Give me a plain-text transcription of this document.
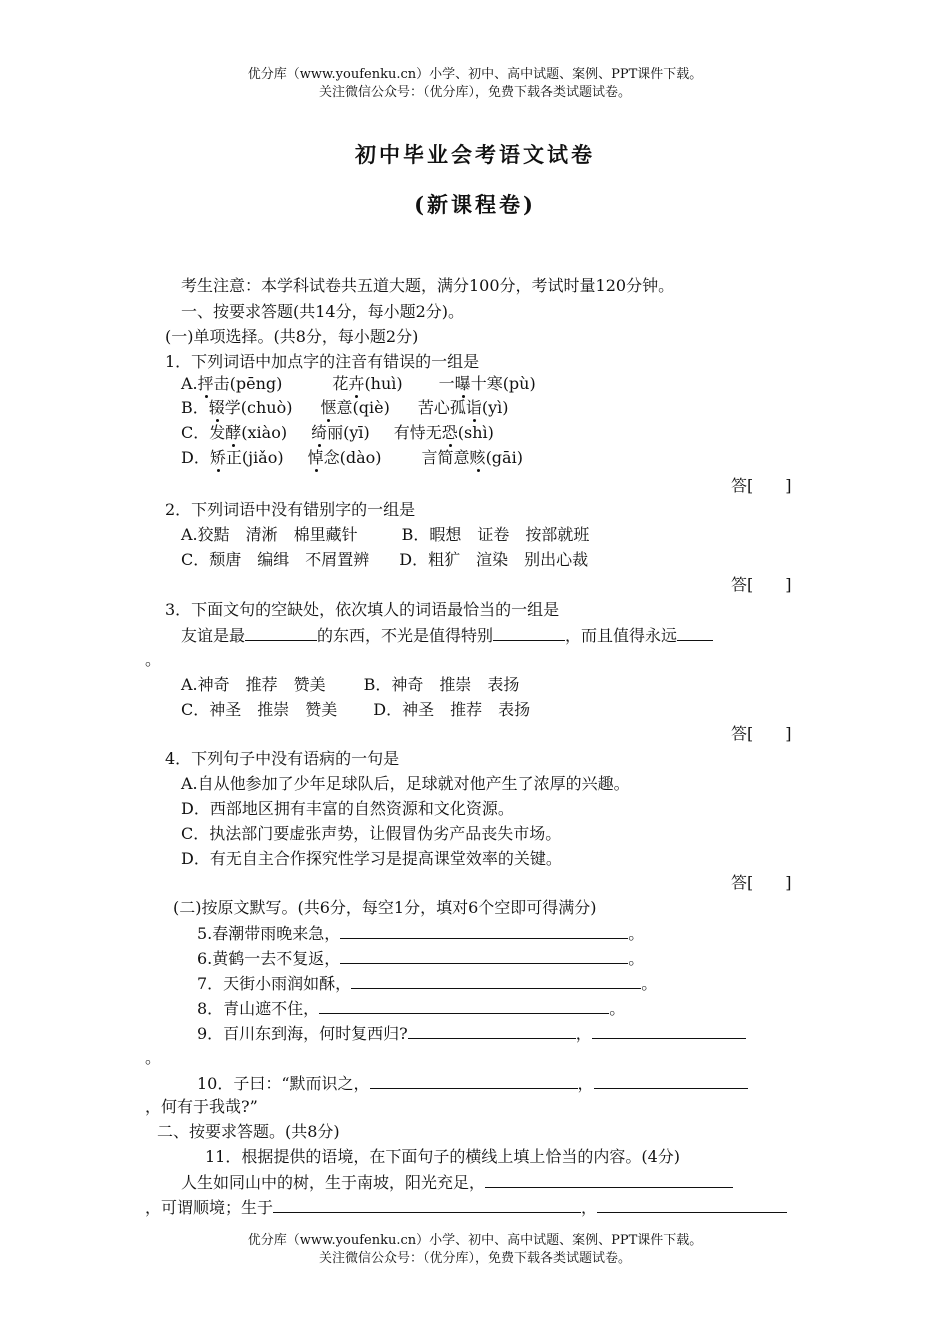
优分库（www.youfenku.cn）小学、初中、高中试题、案例、PPT课件下载。
关注微信公众号：（优分库），免费下载各类试题试卷。
初中毕业会考语文试卷
(新课程卷)
考生注意：本学科试卷共五道大题，满分100分，考试时量120分钟。
一、按要求答题(共14分，每小题2分)。
(一)单项选择。(共8分，每小题2分)
1．下列词语中加点字的注音有错误的一组是
A.抨击(pēng)	花卉(huì) 一曝十寒(pù)
B．辍学(chuò) 惬意(qiè) 苦心孤诣(yì)
C．发酵(xiào) 绮丽(yī) 有恃无恐(shì)
D．矫正(jiǎo) 悼念(dào)	言简意赅(gāi)
答[　　]
2．下列词语中没有错别字的一组是
A.狡黠　清淅　棉里藏针	B．暇想　证卷　按部就班
C．颓唐　编缉　不屑置辨 D．粗犷　渲染　别出心裁
答[　　]
3．下面文句的空缺处，依次填人的词语最恰当的一组是
友谊是最	的东西，不光是值得特别	，而且值得永远
。
A.神奇　推荐　赞美 B．神奇　推崇　表扬
C．神圣　推崇　赞美 D．神圣　推荐　表扬
答[　　]
4．下列句子中没有语病的一句是
A.自从他参加了少年足球队后，足球就对他产生了浓厚的兴趣。
D．西部地区拥有丰富的自然资源和文化资源。
C．执法部门要虚张声势，让假冒伪劣产品丧失市场。
D．有无自主合作探究性学习是提高课堂效率的关键。
答[　　]
(二)按原文默写。(共6分，每空1分，填对6个空即可得满分)
5.春潮带雨晚来急，	。
6.黄鹤一去不复返，	。
7．天街小雨润如酥，	。
8．青山遮不住，	。
9．百川东到海，何时复西归?	，
。
10．子曰：“默而识之，	，
，何有于我哉?”
二、按要求答题。(共8分)
11．根据提供的语境，在下面句子的横线上填上恰当的内容。(4分)
人生如同山中的树，生于南坡，阳光充足，
，可谓顺境；生于	，
优分库（www.youfenku.cn）小学、初中、高中试题、案例、PPT课件下载。
关注微信公众号：（优分库），免费下载各类试题试卷。
